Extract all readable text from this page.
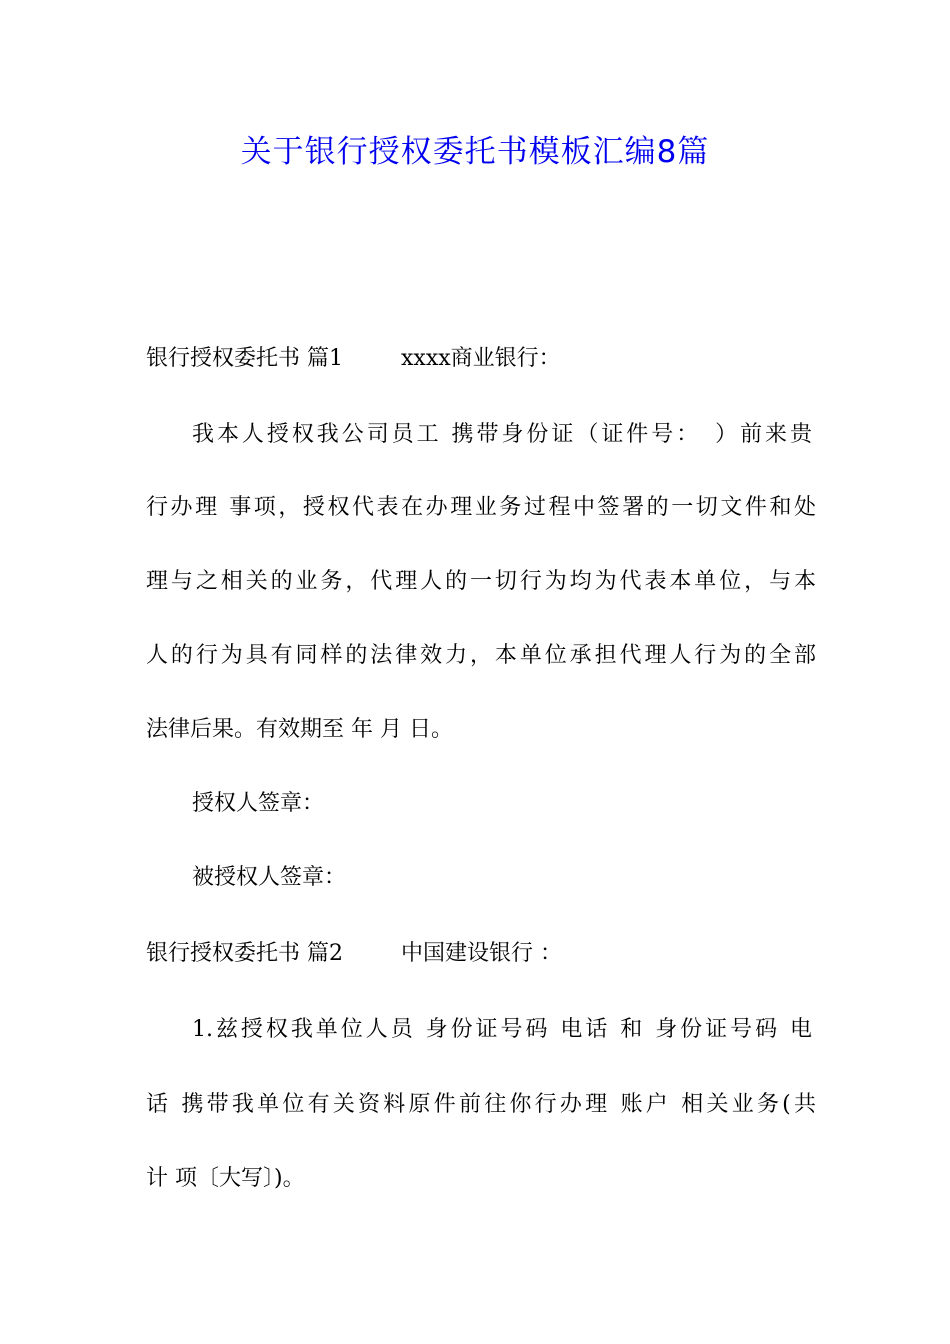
关于银行授权委托书模板汇编8篇
银行授权委托书 篇1	xxxx商业银行：
我本人授权我公司员工 携带身份证（证件号：　）前来贵
行办理 事项，授权代表在办理业务过程中签署的一切文件和处
理与之相关的业务，代理人的一切行为均为代表本单位，与本
人的行为具有同样的法律效力，本单位承担代理人行为的全部
法律后果。有效期至 年 月 日。
授权人签章：
被授权人签章：
银行授权委托书 篇2	中国建设银行 ：
1.兹授权我单位人员 身份证号码 电话 和 身份证号码 电
话 携带我单位有关资料原件前往你行办理 账户 相关业务(共
计 项〔大写〕)。
